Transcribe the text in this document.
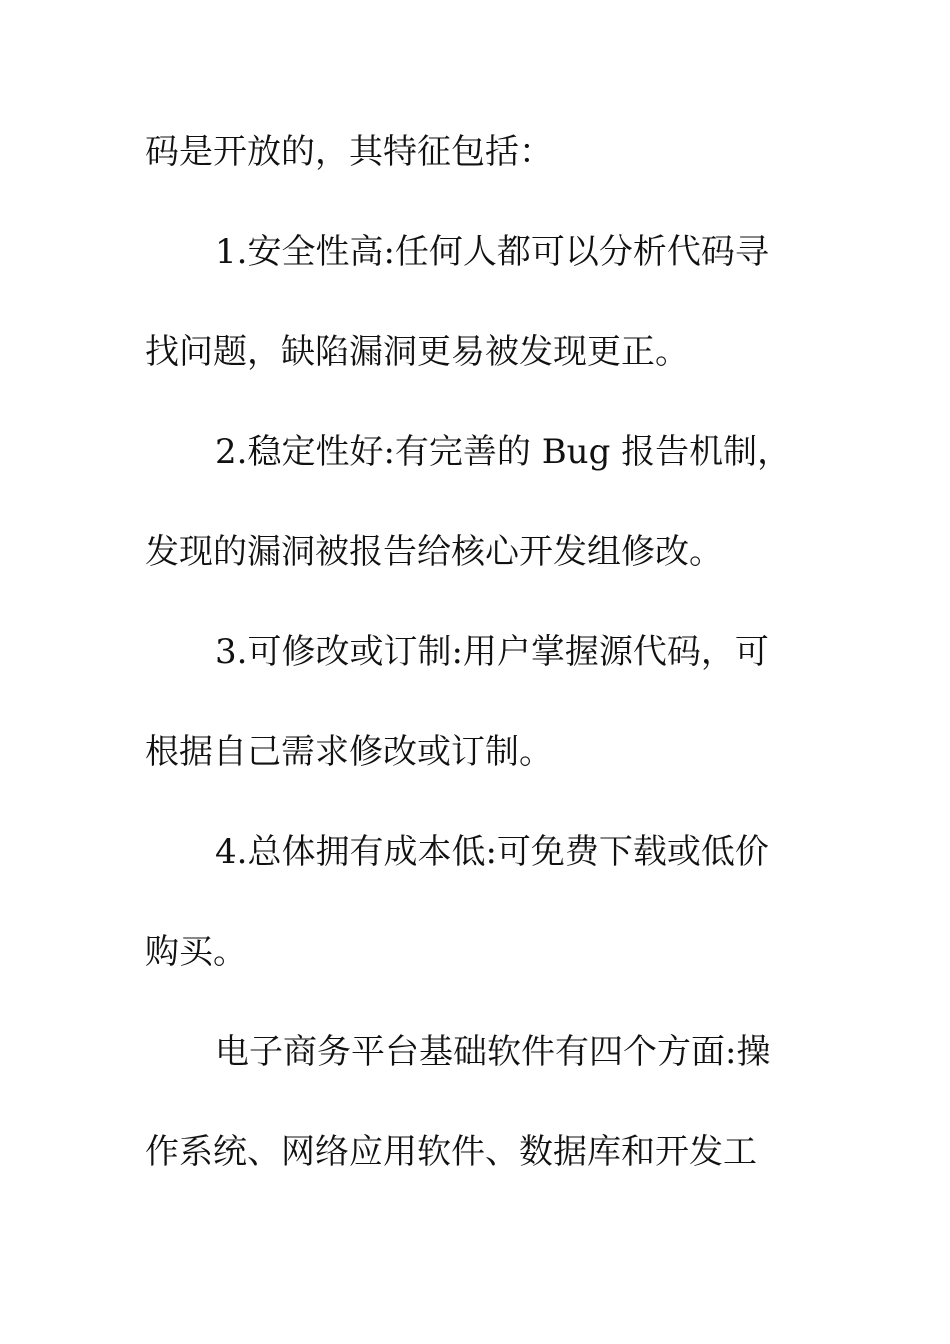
码是开放的，其特征包括：
1.安全性高:任何人都可以分析代码寻
找问题，缺陷漏洞更易被发现更正。
2.稳定性好:有完善的 Bug 报告机制，
发现的漏洞被报告给核心开发组修改。
3.可修改或订制:用户掌握源代码，可
根据自己需求修改或订制。
4.总体拥有成本低:可免费下载或低价
购买。
电子商务平台基础软件有四个方面:操
作系统、网络应用软件、数据库和开发工
